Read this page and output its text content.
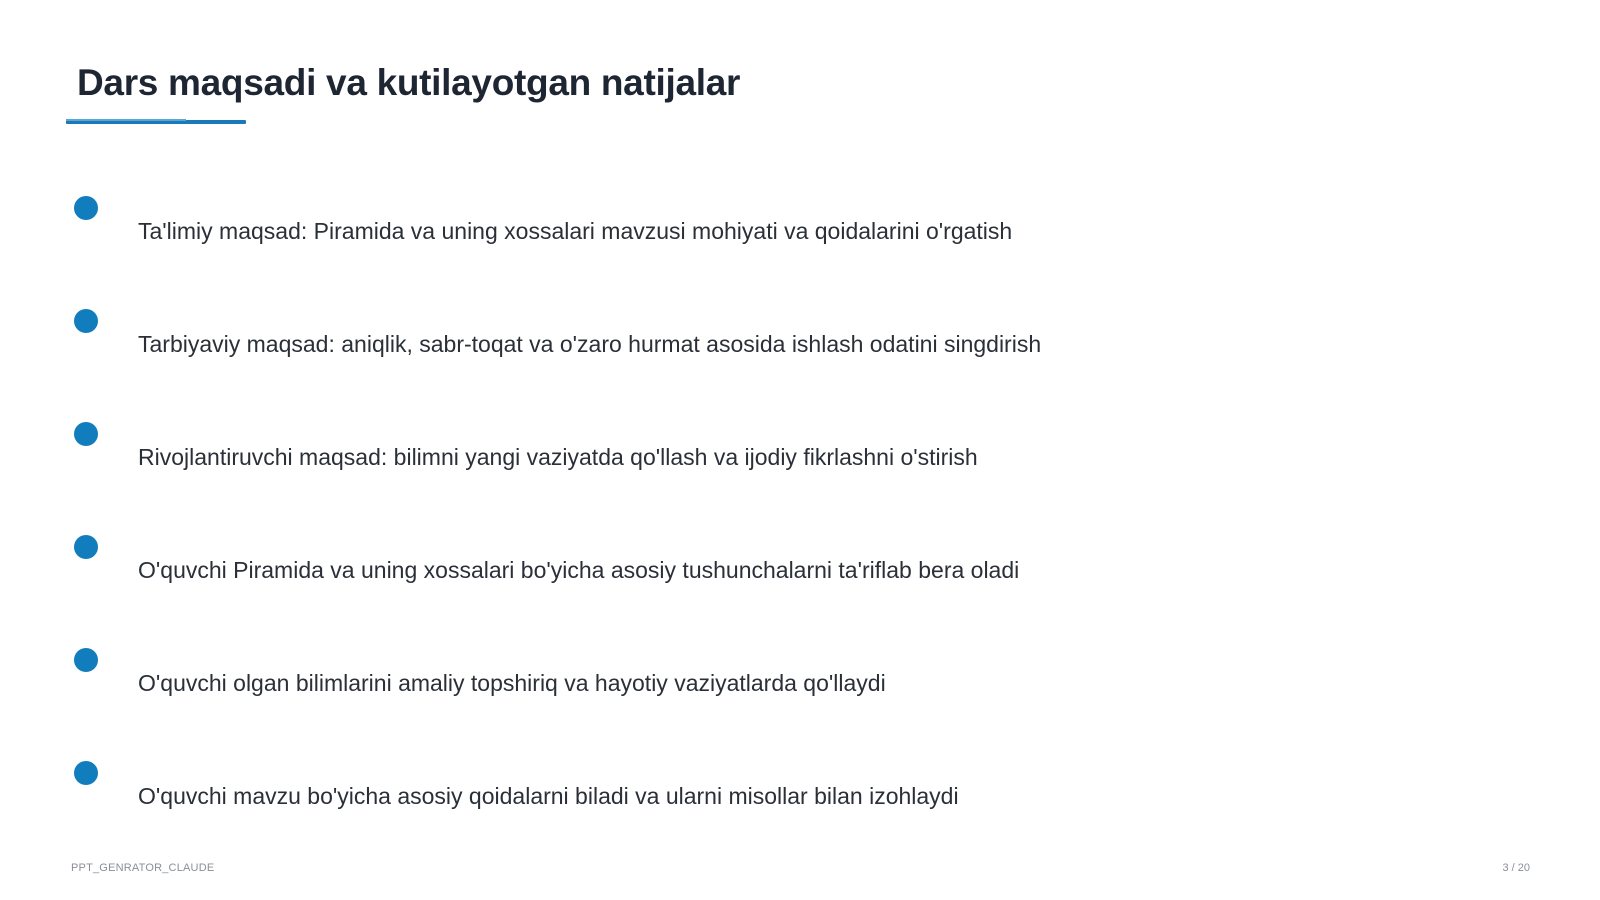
Dars maqsadi va kutilayotgan natijalar
Ta'limiy maqsad: Piramida va uning xossalari mavzusi mohiyati va qoidalarini o'rgatish
Tarbiyaviy maqsad: aniqlik, sabr-toqat va o'zaro hurmat asosida ishlash odatini singdirish
Rivojlantiruvchi maqsad: bilimni yangi vaziyatda qo'llash va ijodiy fikrlashni o'stirish
O'quvchi Piramida va uning xossalari bo'yicha asosiy tushunchalarni ta'riflab bera oladi
O'quvchi olgan bilimlarini amaliy topshiriq va hayotiy vaziyatlarda qo'llaydi
O'quvchi mavzu bo'yicha asosiy qoidalarni biladi va ularni misollar bilan izohlaydi
PPT_GENRATOR_CLAUDE	3 / 20
